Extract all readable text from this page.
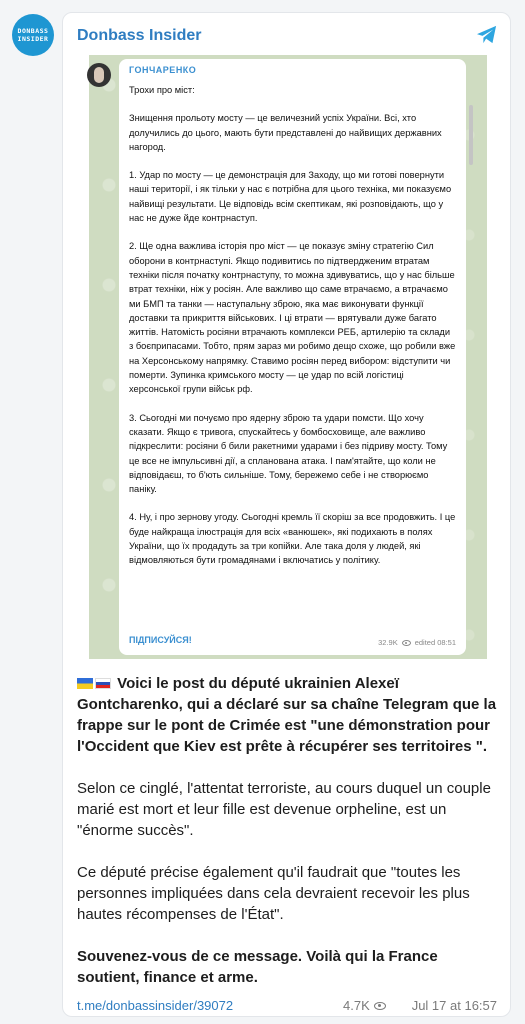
DONBASS
INSIDER Donbass Insider
ГОНЧАРЕНКО

Трохи про міст:

Знищення прольоту мосту — це величезний успіх України. Всі, хто долучились до цього, мають бути представлені до найвищих державних нагород.

1. Удар по мосту — це демонстрація для Заходу, що ми готові повернути наші території, і як тільки у нас є потрібна для цього техніка, ми показуємо найвищі результати. Це відповідь всім скептикам, які розповідають, що у нас не дуже йде контрнаступ.

2. Ще одна важлива історія про міст — це показує зміну стратегію Сил оборони в контрнаступі. Якщо подивитись по підтвердженим втратам техніки після початку контрнаступу, то можна здивуватись, що у нас більше втрат техніки, ніж у росіян. Але важливо що саме втрачаємо, а втрачаємо ми БМП та танки — наступальну зброю, яка має виконувати функції доставки та прикриття військових. І ці втрати — врятували дуже багато життів. Натомість росіяни втрачають комплекси РЕБ, артилерію та склади з боєприпасами. Тобто, прям зараз ми робимо дещо схоже, що робили вже на Херсонському напрямку. Ставимо росіян перед вибором: відступити чи померти. Зупинка кримського мосту — це удар по всій логістиці херсонської групи військ рф.

3. Сьогодні ми почуємо про ядерну зброю та удари помсти. Що хочу сказати. Якщо є тривога, спускайтесь у бомбосховище, але важливо підкреслити: росіяни б били ракетними ударами і без підриву мосту. Тому це все не імпульсивні дії, а спланована атака. І пам'ятайте, що коли не відповідаєш, то б'ють сильніше. Тому, бережемо себе і не створюємо паніку.

4. Ну, і про зернову угоду. Сьогодні кремль її скоріш за все продовжить. І це буде найкраща ілюстрація для всіх «ванюшек», які подихають в полях України, що їх продадуть за три копійки. Але така доля у людей, які відмовляються бути громадянами і включатись у політику.

ПІДПИСУЙСЯ!	32.9K edited 08:51

Voici le post du député ukrainien Alexeï Gontcharenko, qui a déclaré sur sa chaîne Telegram que la frappe sur le pont de Crimée est "une démonstration pour l'Occident que Kiev est prête à récupérer ses territoires ".

Selon ce cinglé, l'attentat terroriste, au cours duquel un couple marié est mort et leur fille est devenue orpheline, est un "énorme succès".

Ce député précise également qu'il faudrait que "toutes les personnes impliquées dans cela devraient recevoir les plus hautes récompenses de l'État".

Souvenez-vous de ce message. Voilà qui la France soutient, finance et arme.

t.me/donbassinsider/39072	4.7K	Jul 17 at 16:57
